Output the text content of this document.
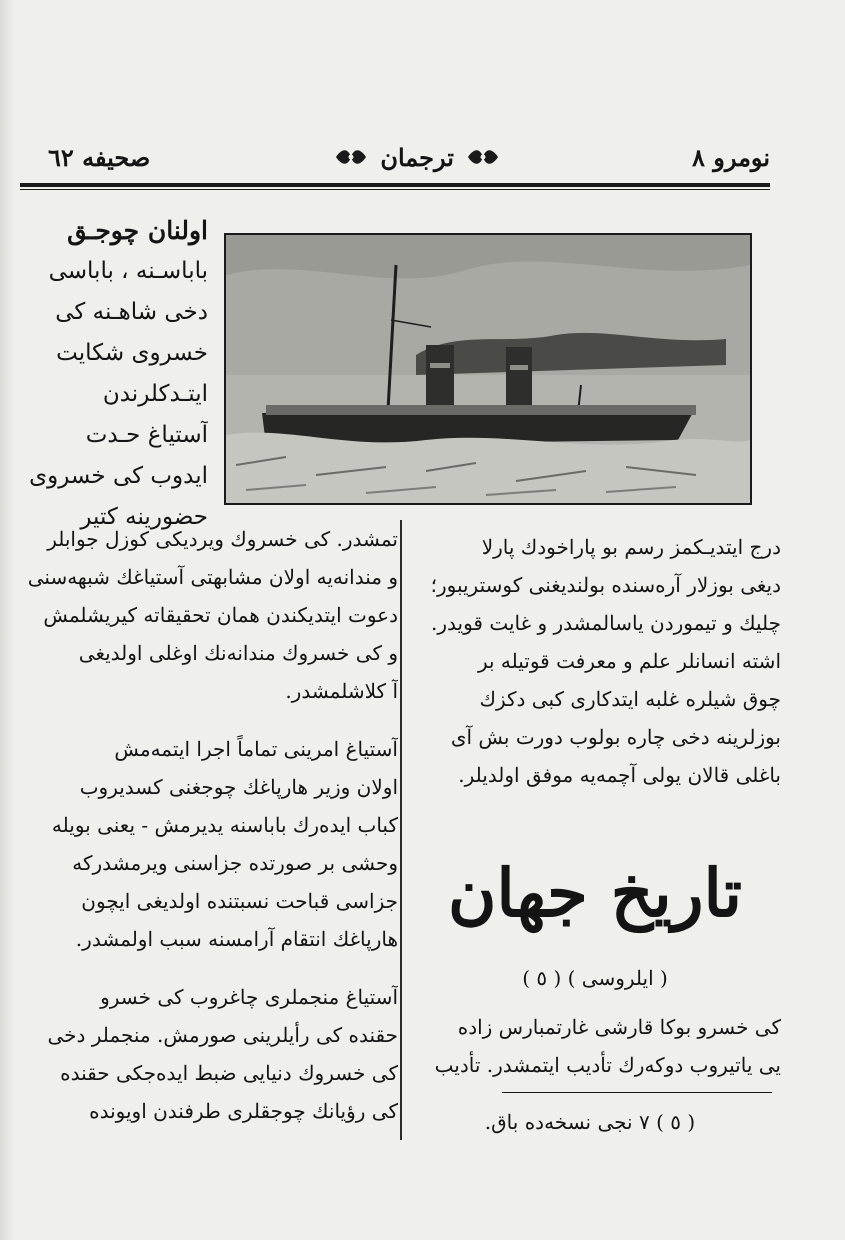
نومرو ٨
ترجمان
صحیفه ٦٢
اولنان چوجـق
باباسـنه ، باباسی
دخی شاهـنه کی
خسروی شکایت
ایتـدکلرندن
آستیاغ حـدت
ایدوب کی خسروی
حضورینه کتیر
درج ایتدیـکمز رسم بو پاراخودك پارلا
دیغی بوزلار آره‌سنده بولندیغنی کوستریبور؛
چلیك و تیموردن یاسالمشدر و غایت قویدر.
اشته انسانلر علم و معرفت قوتیله بر
چوق شیلره غلبه ایتدکاری کبی دکزك
بوزلرینه دخی چاره بولوب دورت بش آی
باغلی قالان یولی آچمه‌یه موفق اولدیلر.
تاریخ جهان
( ایلروسی ) ( ٥ )
کی خسرو بوکا قارشی غارتمبارس زاده
یی یاتیروب دوکه‌رك تأدیب ایتمشدر. تأدیب
( ٥ ) ٧ نجی نسخه‌ده باق.
تمشدر. کی خسروك ویردیکی کوزل جوابلر
و مندانه‌یه اولان مشابهتی آستیاغك شبهه‌سنی
دعوت ایتدیکندن همان تحقیقاته کیریشلمش
و کی خسروك مندانه‌نك اوغلی اولدیغی
آ کلاشلمشدر.
آستیاغ امرینی تماماً اجرا ایتمه‌مش
اولان وزیر هارپاغك چوجغنی کسدیروب
کباب ایده‌رك باباسنه یدیرمش - یعنی بویله
وحشی بر صورتده جزاسنی ویرمشدرکه
جزاسی قباحت نسبتنده اولدیغی ایچون
هارپاغك انتقام آرامسنه سبب اولمشدر.
آستیاغ منجملری چاغروب کی خسرو
حقنده کی رأیلرینی صورمش. منجملر دخی
کی خسروك دنیایی ضبط ایده‌جکی حقنده
کی رؤیانك چوجقلری طرفندن اویونده
